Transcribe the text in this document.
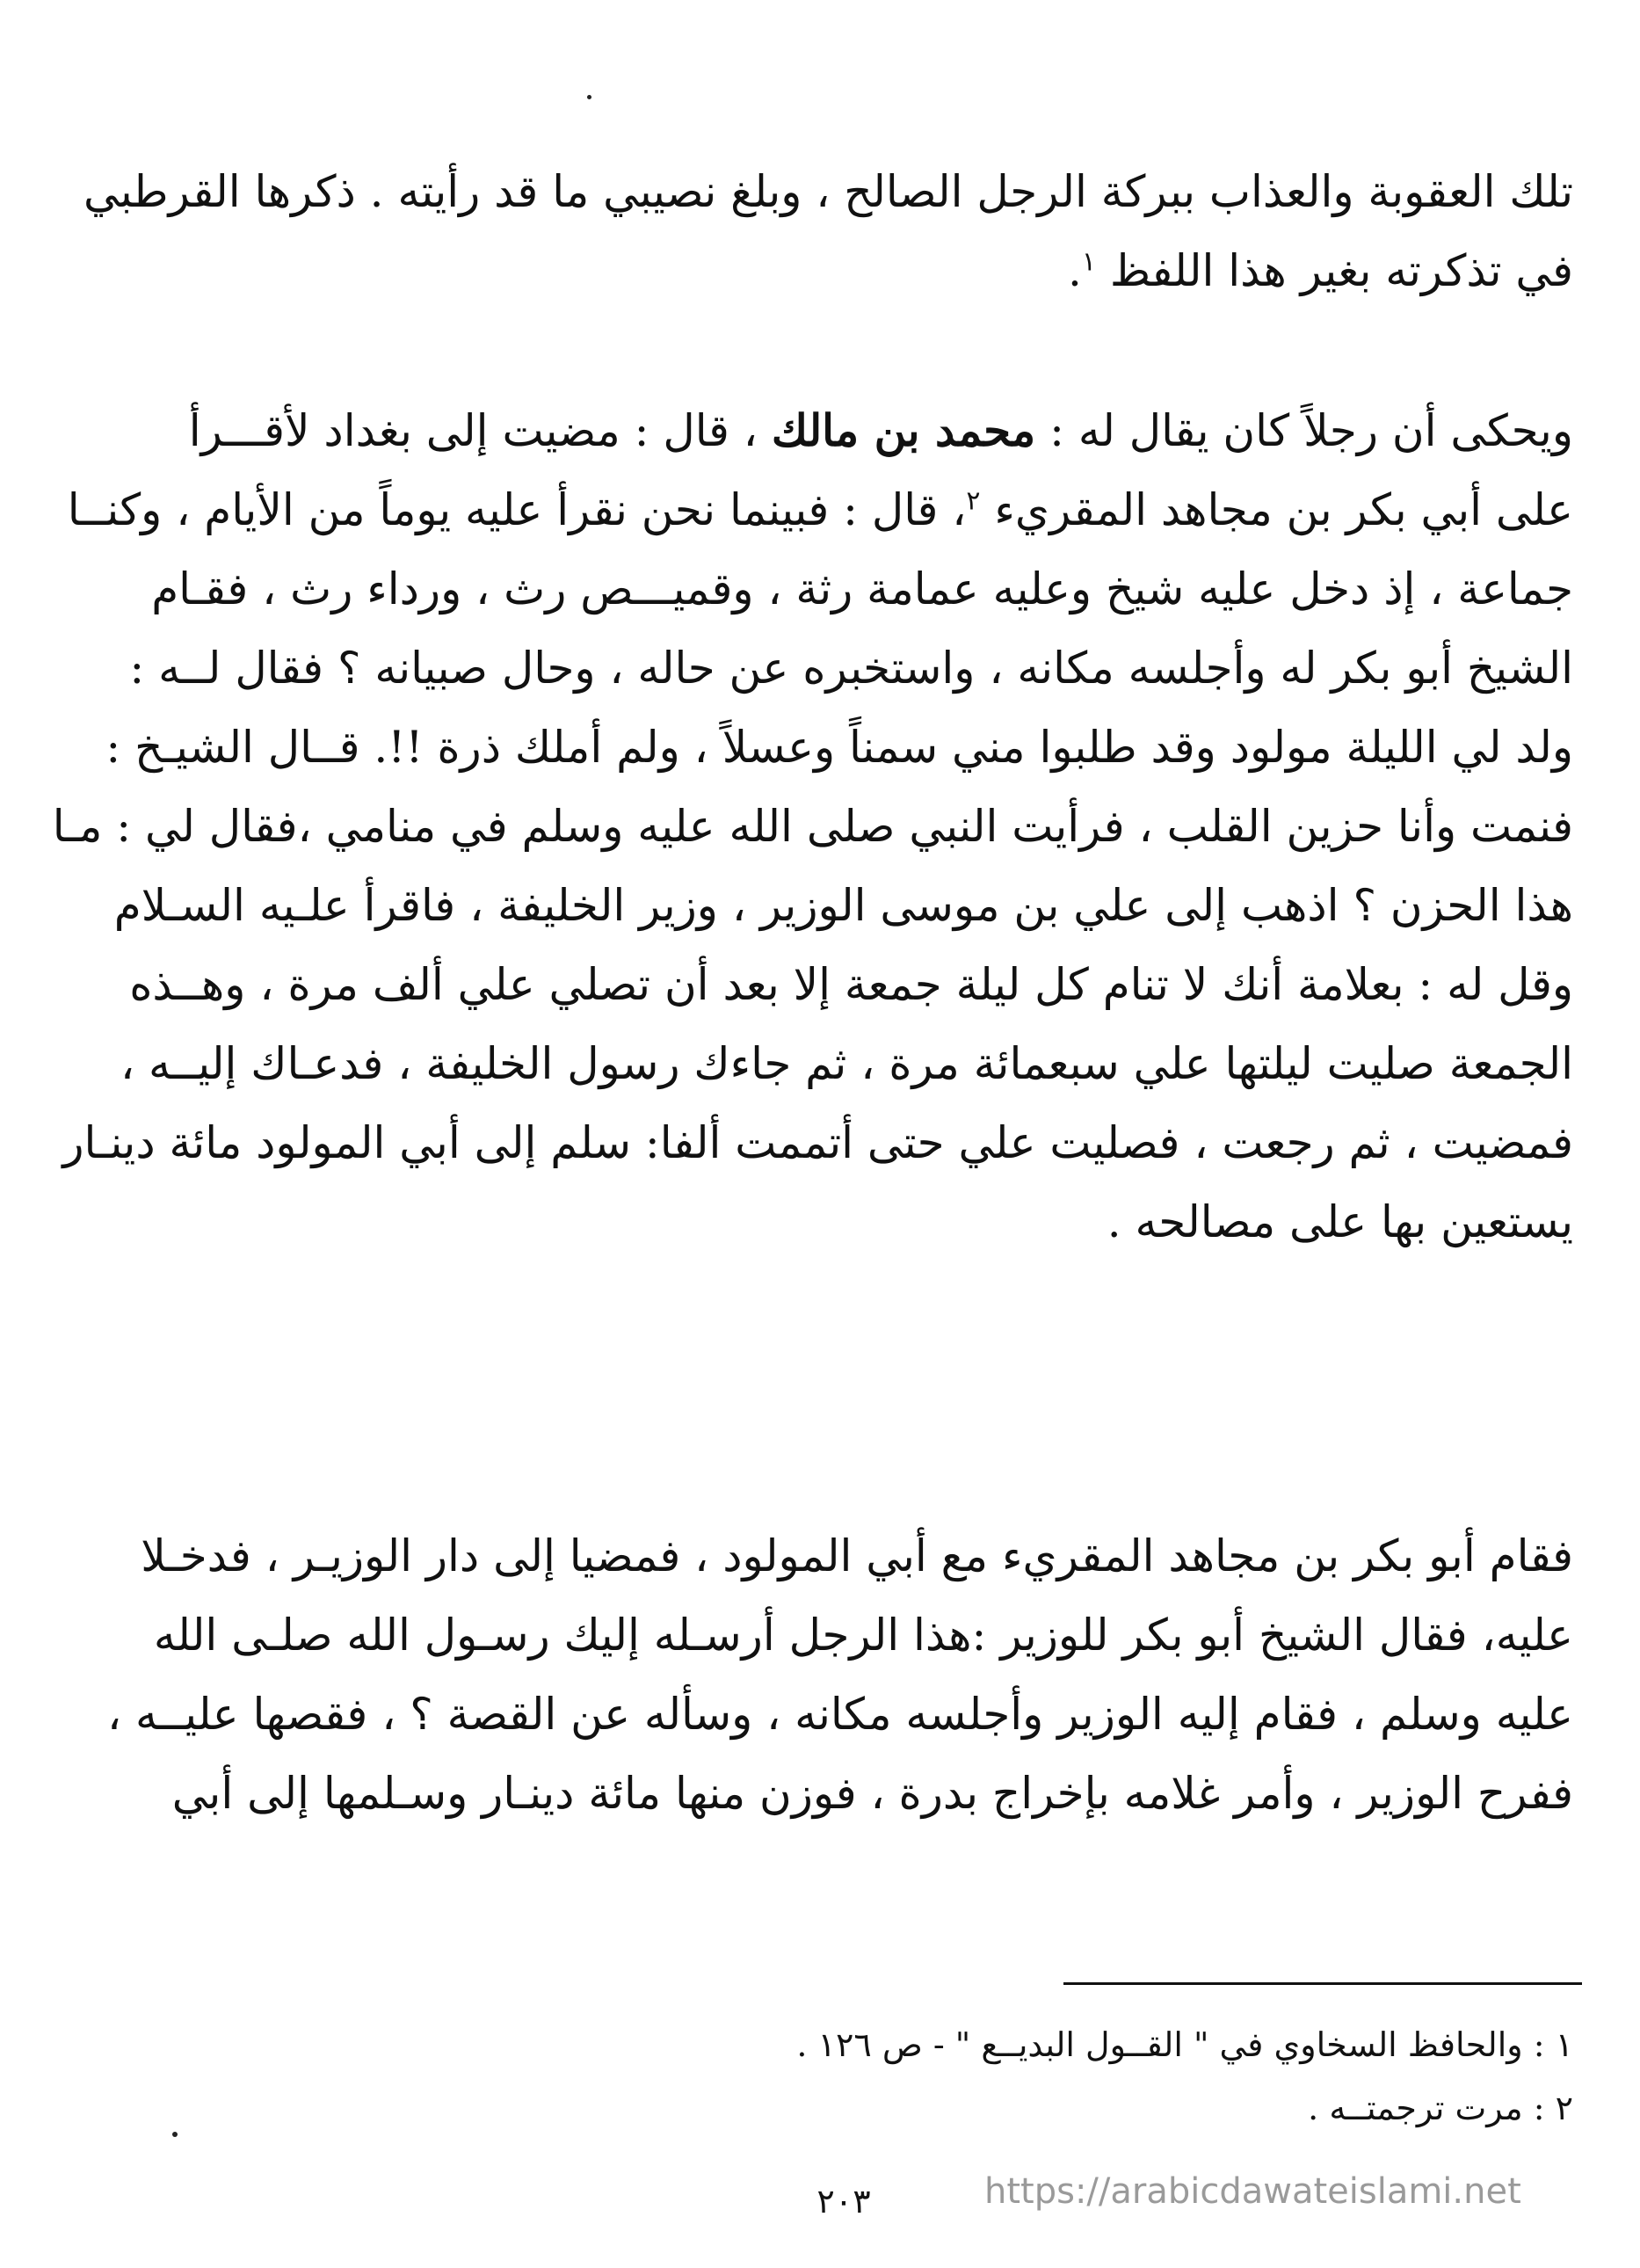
تلك العقوبة والعذاب ببركة الرجل الصالح ، وبلغ نصيبي ما قد رأيته . ذكرها القرطبي
في تذكرته بغير هذا اللفظ $^١$.
ويحكى أن رجلاً كان يقال له : محمد بن مالك ، قال : مضيت إلى بغداد لأقـــرأ
على أبي بكر بن مجاهد المقريء $^٢$، قال : فبينما نحن نقرأ عليه يوماً من الأيام ، وكنــا
جماعة ، إذ دخل عليه شيخ وعليه عمامة رثة ، وقميـــص رث ، ورداء رث ، فقـام
الشيخ أبو بكر له وأجلسه مكانه ، واستخبره عن حاله ، وحال صبيانه ؟ فقال لــه :
ولد لي الليلة مولود وقد طلبوا مني سمناً وعسلاً ، ولم أملك ذرة !!. قــال الشيـخ :
فنمت وأنا حزين القلب ، فرأيت النبي صلى الله عليه وسلم في منامي ،فقال لي : مـا
هذا الحزن ؟ اذهب إلى علي بن موسى الوزير ، وزير الخليفة ، فاقرأ علـيه السـلام
وقل له : بعلامة أنك لا تنام كل ليلة جمعة إلا بعد أن تصلي علي ألف مرة ، وهــذه
الجمعة صليت ليلتها علي سبعمائة مرة ، ثم جاءك رسول الخليفة ، فدعـاك إليــه ،
فمضيت ، ثم رجعت ، فصليت علي حتى أتممت ألفا: سلم إلى أبي المولود مائة دينـار
يستعين بها على مصالحه .
فقام أبو بكر بن مجاهد المقريء مع أبي المولود ، فمضيا إلى دار الوزيـر ، فدخـلا
عليه، فقال الشيخ أبو بكر للوزير :هذا الرجل أرسـله إليك رسـول الله صلـى الله
عليه وسلم ، فقام إليه الوزير وأجلسه مكانه ، وسأله عن القصة ؟ ، فقصها عليــه ،
ففرح الوزير ، وأمر غلامه بإخراج بدرة ، فوزن منها مائة دينـار وسـلمها إلى أبي
١ : والحافظ السخاوي في " القــول البديــع " - ص ١٢٦ .
٢ : مرت ترجمتــه .
٢٠٣	https://arabicdawateislami.net
